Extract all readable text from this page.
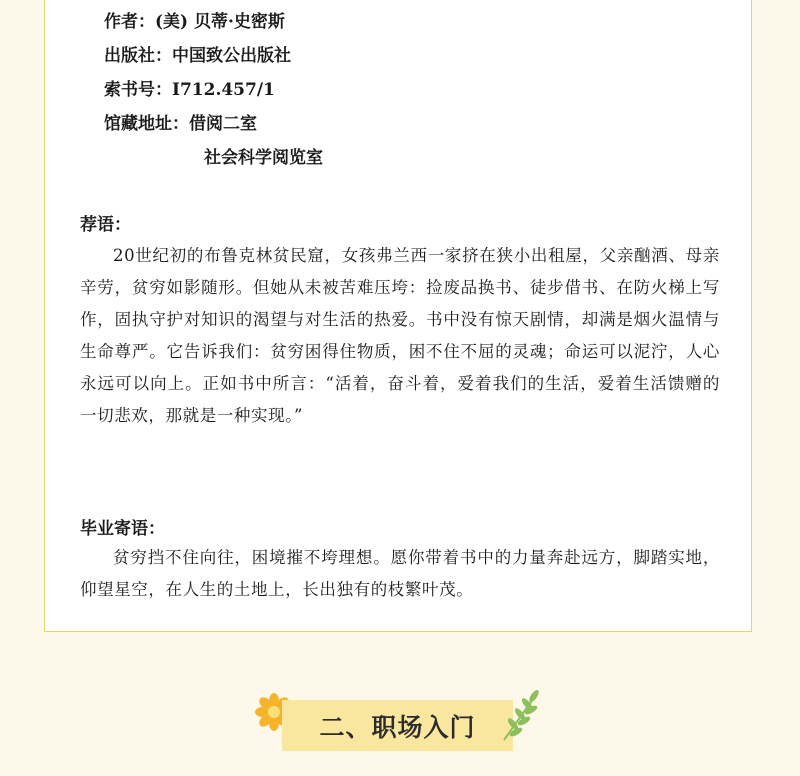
作者：(美) 贝蒂·史密斯
出版社：中国致公出版社
索书号：I712.457/1
馆藏地址：借阅二室
社会科学阅览室
荐语：

20世纪初的布鲁克林贫民窟，女孩弗兰西一家挤在狭小出租屋，父亲酗酒、母亲辛劳，贫穷如影随形。但她从未被苦难压垮：捡废品换书、徒步借书、在防火梯上写作，固执守护对知识的渴望与对生活的热爱。书中没有惊天剧情，却满是烟火温情与生命尊严。它告诉我们：贫穷困得住物质，困不住不屈的灵魂；命运可以泥泞，人心永远可以向上。正如书中所言：“活着，奋斗着，爱着我们的生活，爱着生活馈赠的一切悲欢，那就是一种实现。”

毕业寄语：

贫穷挡不住向往，困境摧不垮理想。愿你带着书中的力量奔赴远方，脚踏实地，仰望星空，在人生的土地上，长出独有的枝繁叶茂。

二、职场入门
